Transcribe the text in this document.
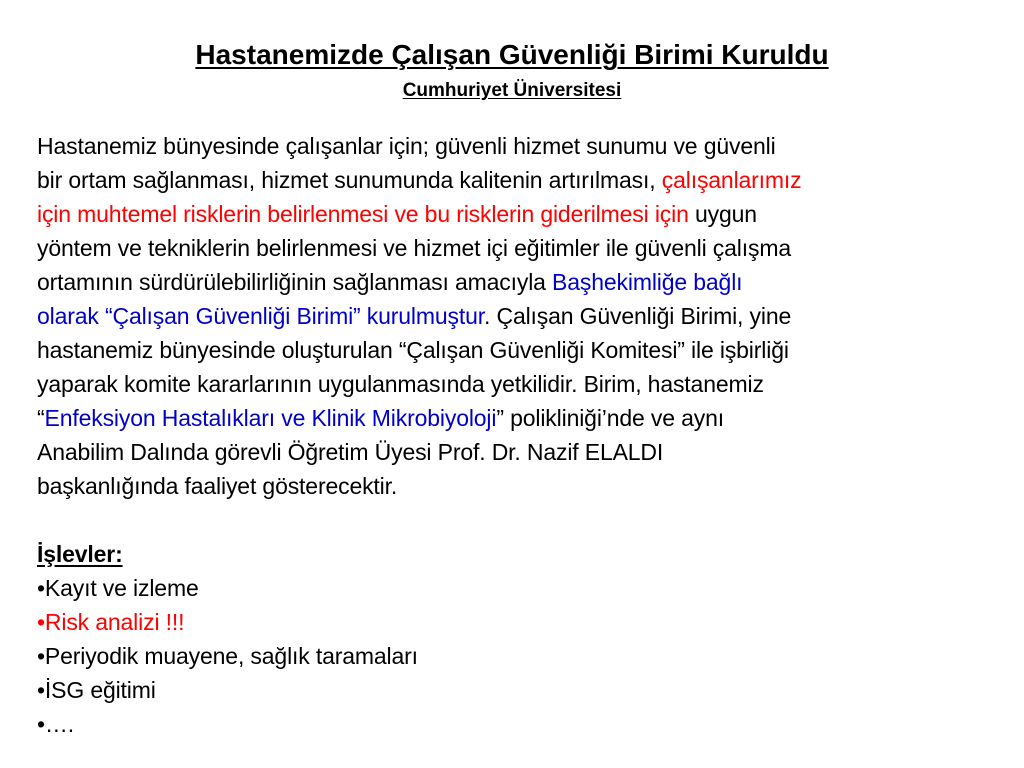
Hastanemizde Çalışan Güvenliği Birimi Kuruldu
Cumhuriyet Üniversitesi
Hastanemiz bünyesinde çalışanlar için; güvenli hizmet sunumu ve güvenli
bir ortam sağlanması, hizmet sunumunda kalitenin artırılması, çalışanlarımız
için muhtemel risklerin belirlenmesi ve bu risklerin giderilmesi için uygun
yöntem ve tekniklerin belirlenmesi ve hizmet içi eğitimler ile güvenli çalışma
ortamının sürdürülebilirliğinin sağlanması amacıyla Başhekimliğe bağlı
olarak “Çalışan Güvenliği Birimi” kurulmuştur. Çalışan Güvenliği Birimi, yine
hastanemiz bünyesinde oluşturulan “Çalışan Güvenliği Komitesi” ile işbirliği
yaparak komite kararlarının uygulanmasında yetkilidir. Birim, hastanemiz
“Enfeksiyon Hastalıkları ve Klinik Mikrobiyoloji” polikliniği’nde ve aynı
Anabilim Dalında görevli Öğretim Üyesi Prof. Dr. Nazif ELALDI
başkanlığında faaliyet gösterecektir.
İşlevler:
•Kayıt ve izleme
•Risk analizi !!!
•Periyodik muayene, sağlık taramaları
•İSG eğitimi
•….
